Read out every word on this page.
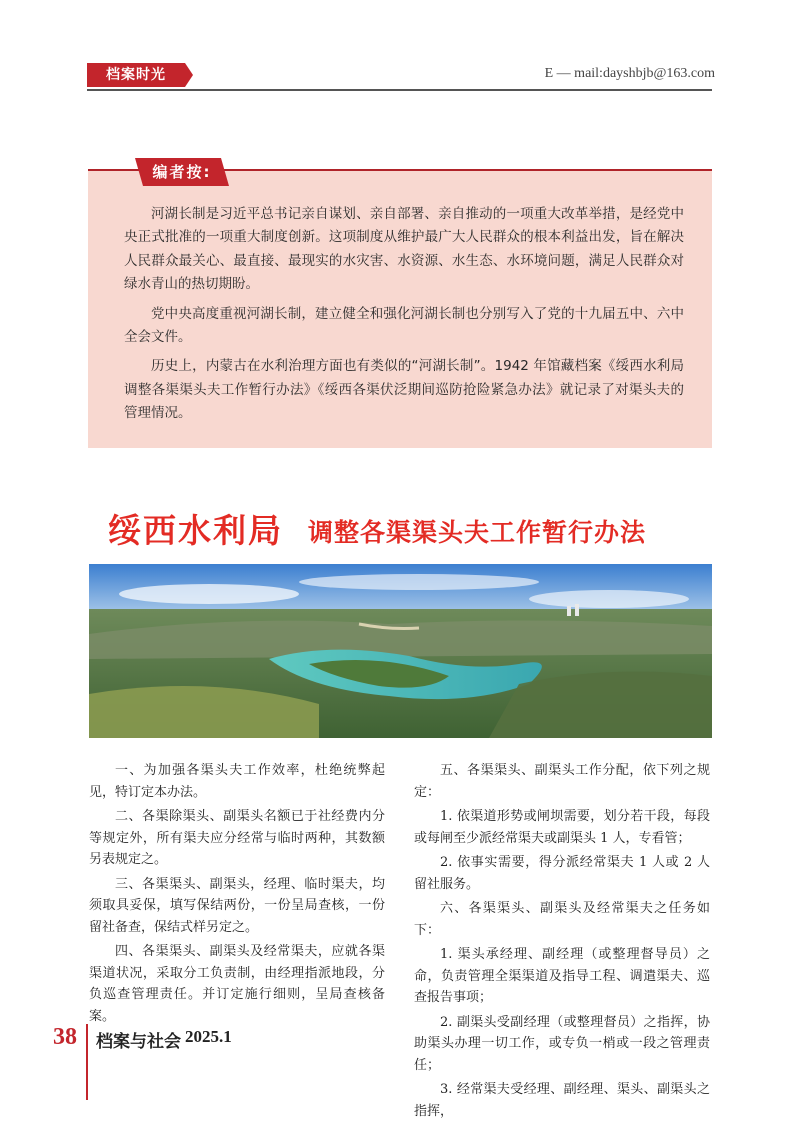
档案时光	E — mail:dayshbjb@163.com
编者按:

河湖长制是习近平总书记亲自谋划、亲自部署、亲自推动的一项重大改革举措，是经党中央正式批准的一项重大制度创新。这项制度从维护最广大人民群众的根本利益出发，旨在解决人民群众最关心、最直接、最现实的水灾害、水资源、水生态、水环境问题，满足人民群众对绿水青山的热切期盼。

党中央高度重视河湖长制，建立健全和强化河湖长制也分别写入了党的十九届五中、六中全会文件。

历史上，内蒙古在水利治理方面也有类似的“河湖长制”。1942 年馆藏档案《绥西水利局调整各渠渠头夫工作暂行办法》《绥西各渠伏泛期间巡防抢险紧急办法》就记录了对渠头夫的管理情况。

绥西水利局 调整各渠渠头夫工作暂行办法

一、为加强各渠头夫工作效率，杜绝统弊起见，特订定本办法。

二、各渠除渠头、副渠头名额已于社经费内分等规定外，所有渠夫应分经常与临时两种，其数额另表规定之。

三、各渠渠头、副渠头，经理、临时渠夫，均须取具妥保，填写保结两份，一份呈局查核，一份留社备查，保结式样另定之。

四、各渠渠头、副渠头及经常渠夫，应就各渠渠道状况，采取分工负责制，由经理指派地段，分负巡查管理责任。并订定施行细则，呈局查核备案。

五、各渠渠头、副渠头工作分配，依下列之规定：

1. 依渠道形势或闸坝需要，划分若干段，每段或每闸至少派经常渠夫或副渠头 1 人，专看管；

2. 依事实需要，得分派经常渠夫 1 人或 2 人留社服务。

六、各渠渠头、副渠头及经常渠夫之任务如下：

1. 渠头承经理、副经理（或整理督导员）之命，负责管理全渠渠道及指导工程、调遣渠夫、巡查报告事项；

2. 副渠头受副经理（或整理督员）之指挥，协助渠头办理一切工作，或专负一梢或一段之管理责任；

3. 经常渠夫受经理、副经理、渠头、副渠头之指挥，

38 档案与社会 2025.1
